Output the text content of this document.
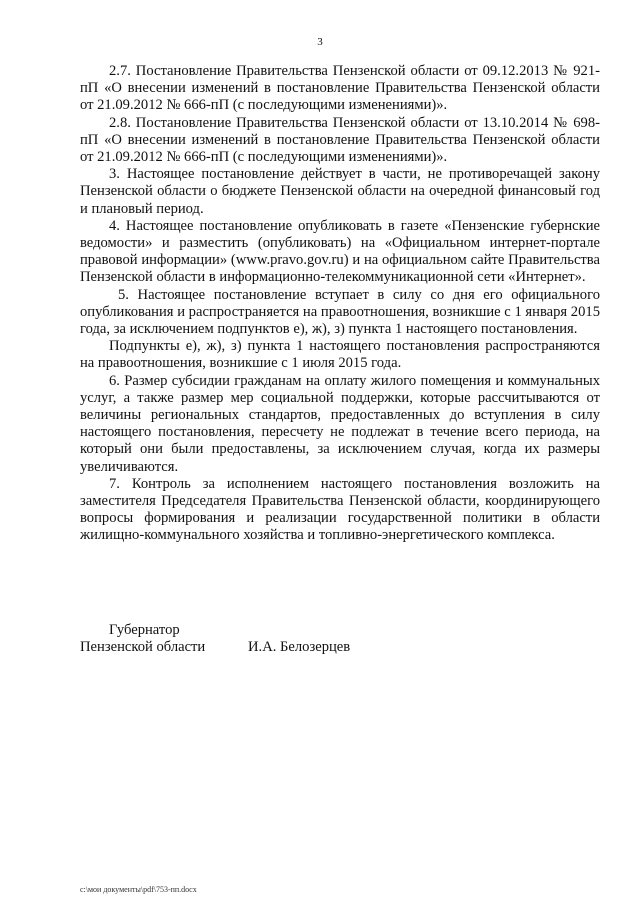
3

2.7. Постановление Правительства Пензенской области от 09.12.2013 № 921-пП «О внесении изменений в постановление Правительства Пензенской области от 21.09.2012 № 666-пП (с последующими изменениями)».

2.8. Постановление Правительства Пензенской области от 13.10.2014 № 698-пП «О внесении изменений в постановление Правительства Пензенской области от 21.09.2012 № 666-пП (с последующими изменениями)».

3. Настоящее постановление действует в части, не противоречащей закону Пензенской области о бюджете Пензенской области на очередной финансовый год и плановый период.

4. Настоящее постановление опубликовать в газете «Пензенские губернские ведомости» и разместить (опубликовать) на «Официальном интернет-портале правовой информации» (www.pravo.gov.ru) и на официальном сайте Правительства Пензенской области в информационно-телекоммуникационной сети «Интернет».

5. Настоящее постановление вступает в силу со дня его официального опубликования и распространяется на правоотношения, возникшие с 1 января 2015 года, за исключением подпунктов е), ж), з) пункта 1 настоящего постановления.

Подпункты е), ж), з) пункта 1 настоящего постановления распространяются на правоотношения, возникшие с 1 июля 2015 года.

6. Размер субсидии гражданам на оплату жилого помещения и коммунальных услуг, а также размер мер социальной поддержки, которые рассчитываются от величины региональных стандартов, предоставленных до вступления в силу настоящего постановления, пересчету не подлежат в течение всего периода, на который они были предоставлены, за исключением случая, когда их размеры увеличиваются.

7. Контроль за исполнением настоящего постановления возложить на заместителя Председателя Правительства Пензенской области, координирующего вопросы формирования и реализации государственной политики в области жилищно-коммунального хозяйства и топливно-энергетического комплекса.

Губернатор
Пензенской области	И.А. Белозерцев
c:\мои документы\pdf\753-пп.docx
